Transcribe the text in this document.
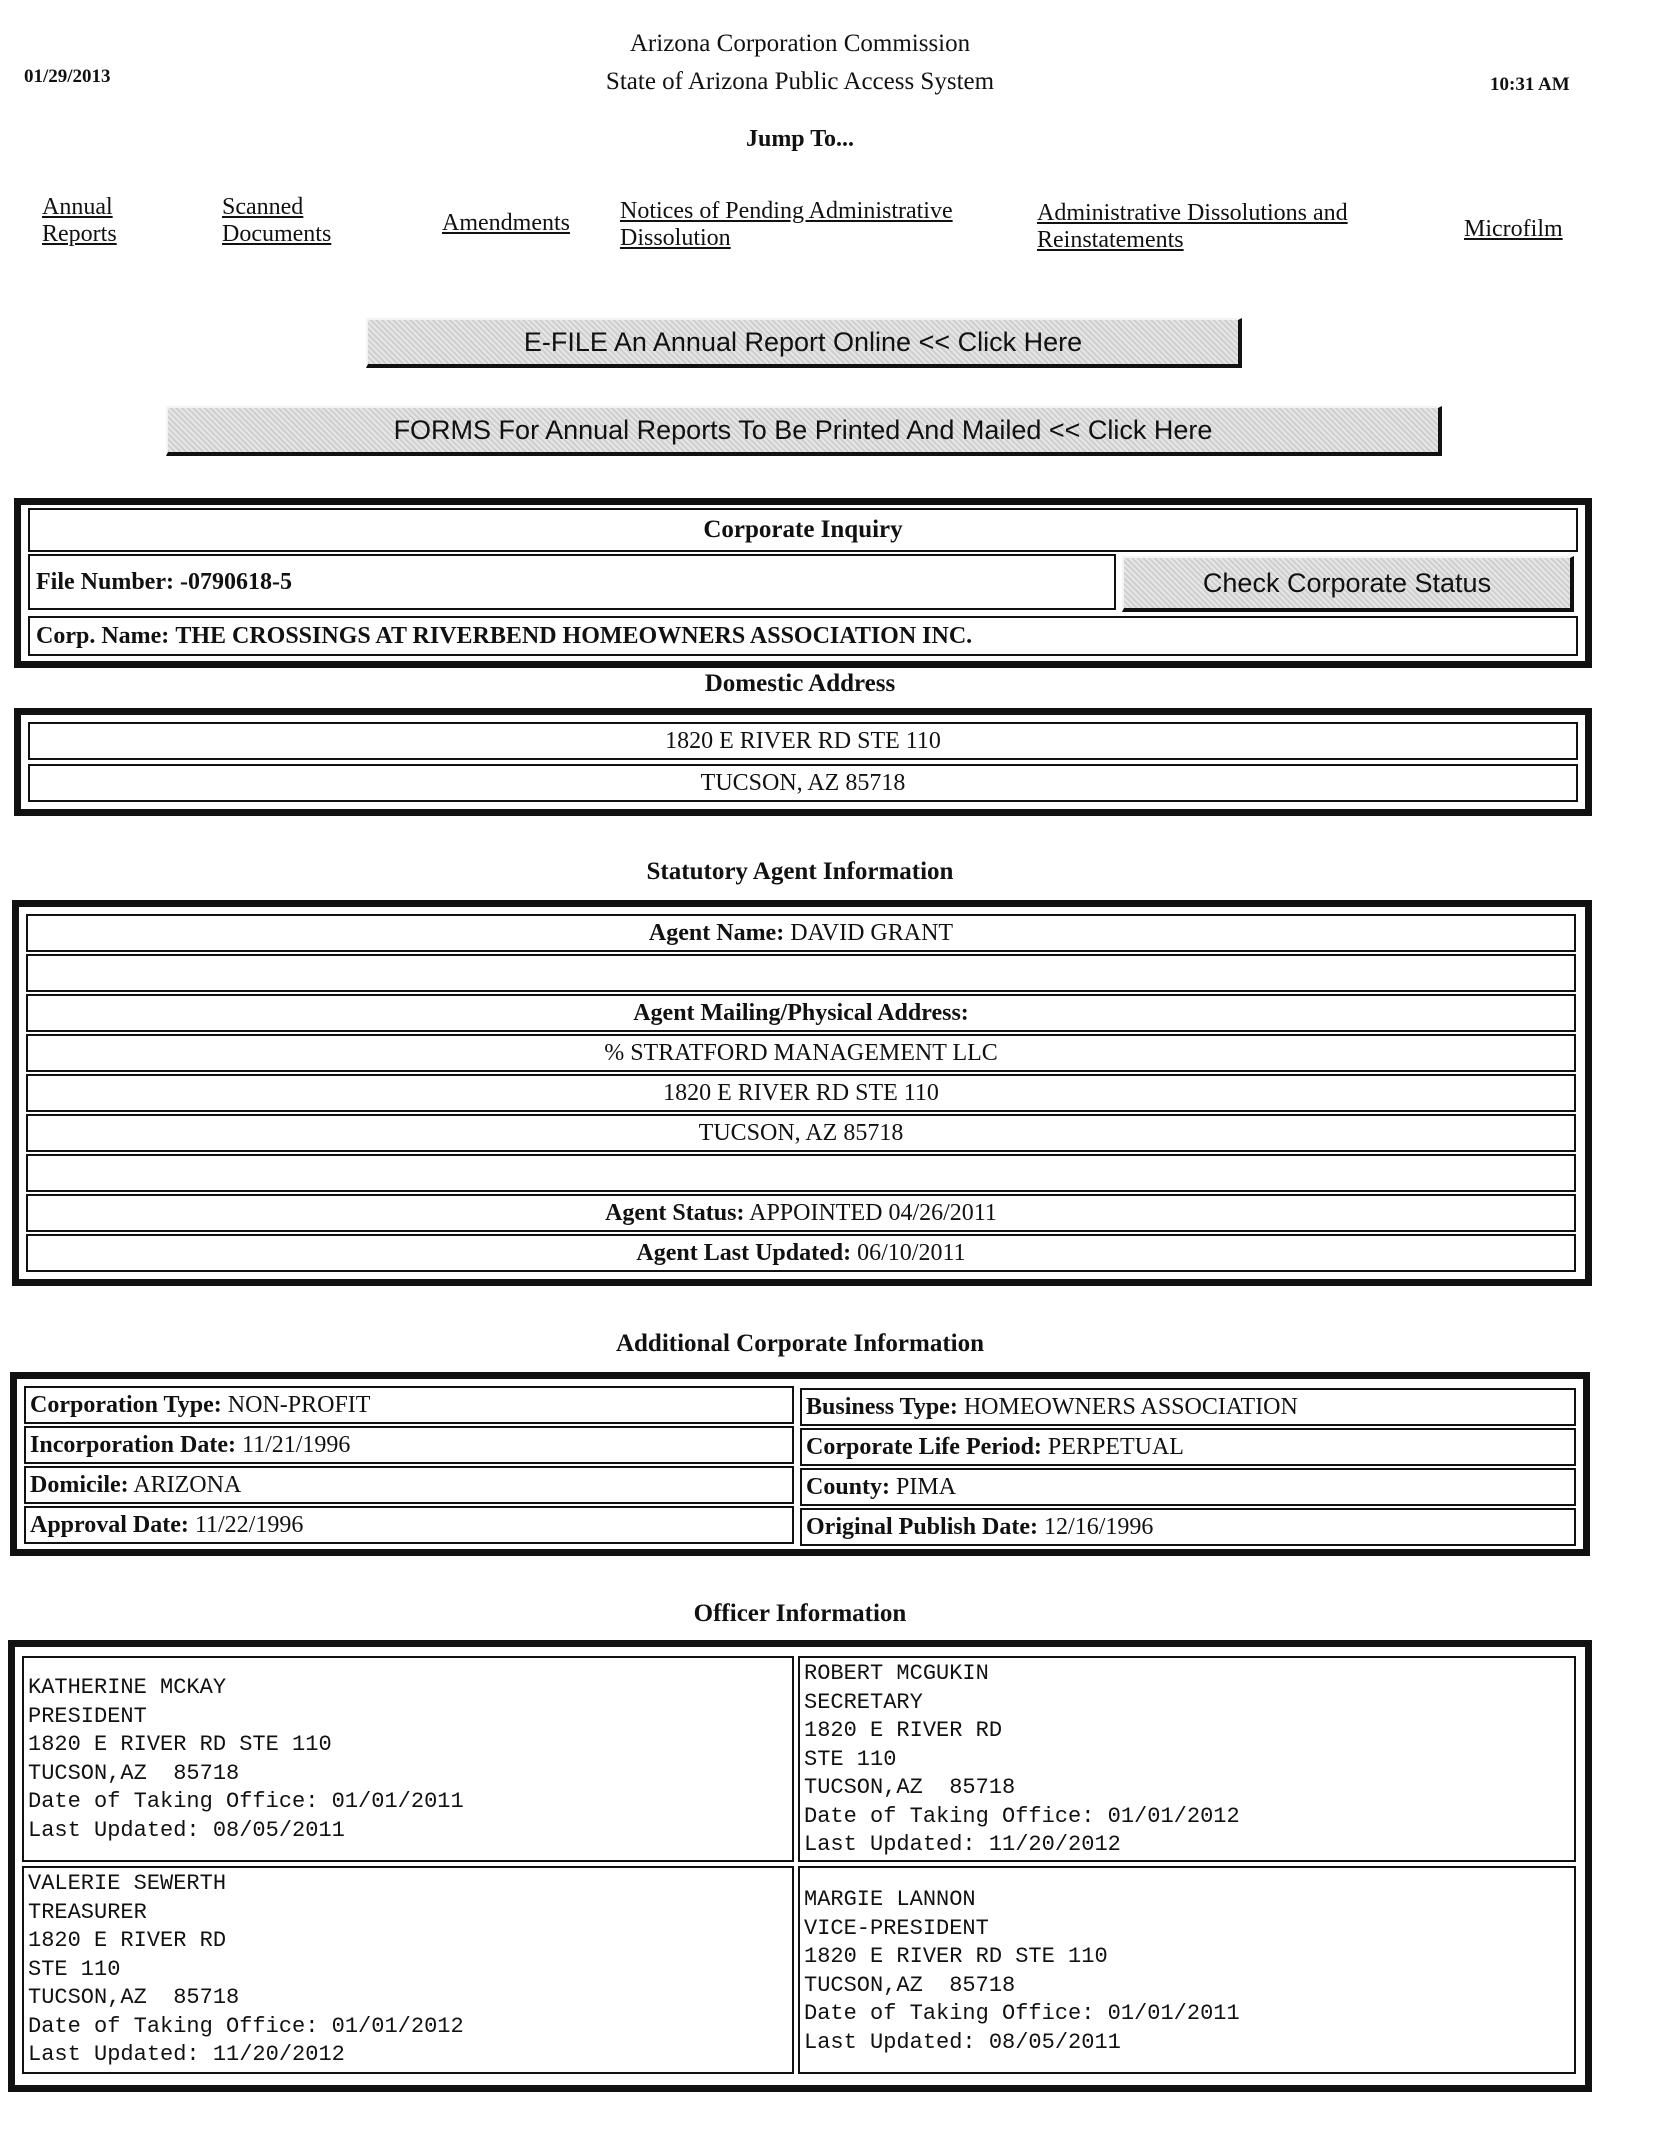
01/29/2013
Arizona Corporation Commission
State of Arizona Public Access System	10:31 AM
Jump To...
Annual
Reports
Scanned
Documents	Amendments Notices of Pending Administrative
Dissolution
Administrative Dissolutions and
Reinstatements	Microfilm
E-FILE An Annual Report Online << Click Here
FORMS For Annual Reports To Be Printed And Mailed << Click Here
Corporate Inquiry
File Number: -0790618-5	Check Corporate Status
Corp. Name: THE CROSSINGS AT RIVERBEND HOMEOWNERS ASSOCIATION INC.
Domestic Address
1820 E RIVER RD STE 110
TUCSON, AZ 85718
Statutory Agent Information
Agent Name: DAVID GRANT
Agent Mailing/Physical Address:
% STRATFORD MANAGEMENT LLC
1820 E RIVER RD STE 110
TUCSON, AZ 85718
Agent Status: APPOINTED 04/26/2011
Agent Last Updated: 06/10/2011
Additional Corporate Information
Corporation Type: NON-PROFIT	Business Type: HOMEOWNERS ASSOCIATION
Incorporation Date: 11/21/1996	Corporate Life Period: PERPETUAL
Domicile: ARIZONA	County: PIMA
Approval Date: 11/22/1996	Original Publish Date: 12/16/1996
Officer Information
KATHERINE MCKAY
PRESIDENT
1820 E RIVER RD STE 110
TUCSON,AZ  85718
Date of Taking Office: 01/01/2011
Last Updated: 08/05/2011
ROBERT MCGUKIN
SECRETARY
1820 E RIVER RD
STE 110
TUCSON,AZ  85718
Date of Taking Office: 01/01/2012
Last Updated: 11/20/2012
VALERIE SEWERTH
TREASURER
1820 E RIVER RD
STE 110
TUCSON,AZ  85718
Date of Taking Office: 01/01/2012
Last Updated: 11/20/2012
MARGIE LANNON
VICE-PRESIDENT
1820 E RIVER RD STE 110
TUCSON,AZ  85718
Date of Taking Office: 01/01/2011
Last Updated: 08/05/2011
